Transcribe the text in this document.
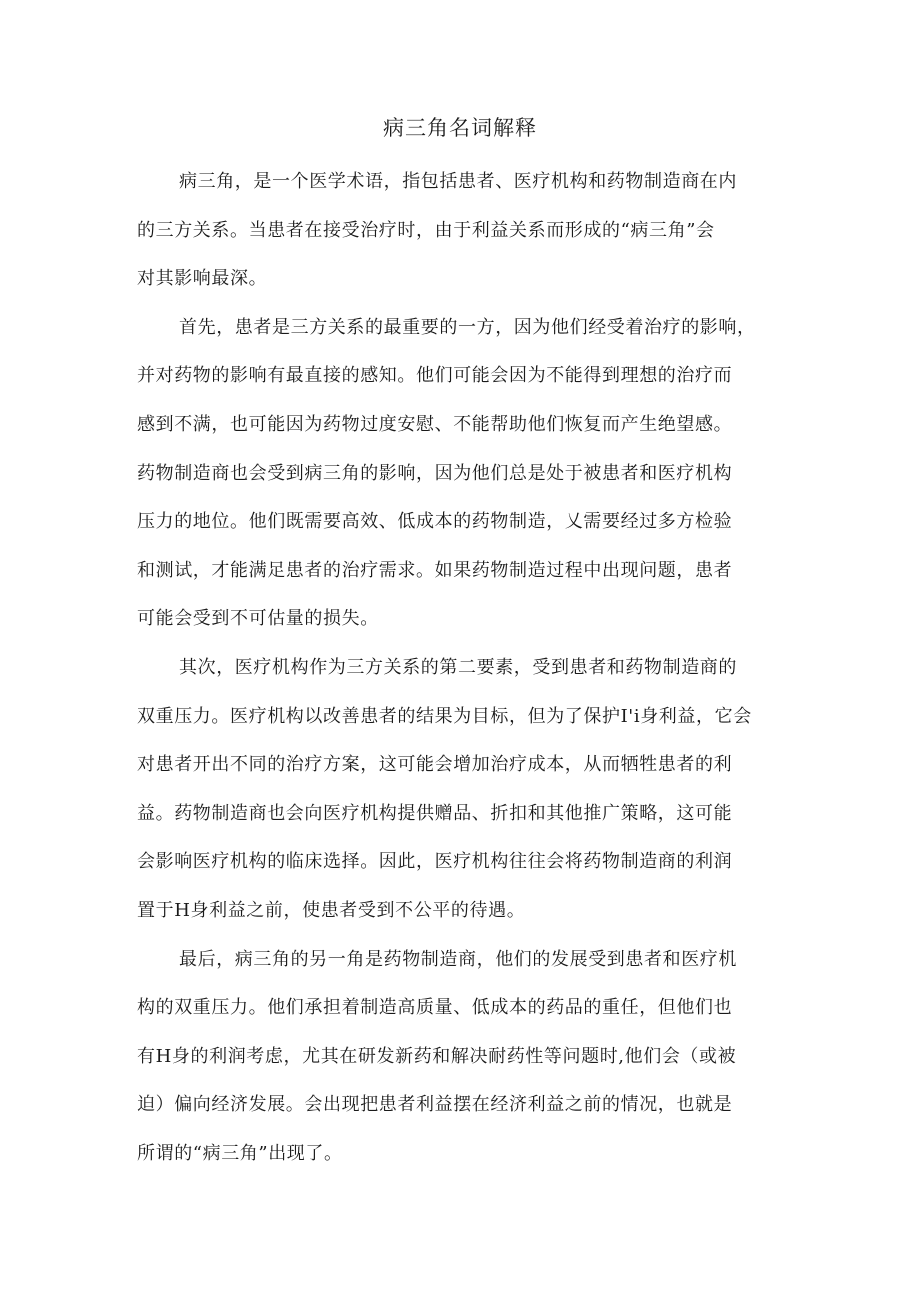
病三角名词解释
病三角，是一个医学术语，指包括患者、医疗机构和药物制造商在内
的三方关系。当患者在接受治疗时，由于利益关系而形成的“病三角”会
对其影响最深。
首先，患者是三方关系的最重要的一方，因为他们经受着治疗的影响，
并对药物的影响有最直接的感知。他们可能会因为不能得到理想的治疗而
感到不满，也可能因为药物过度安慰、不能帮助他们恢复而产生绝望感。
药物制造商也会受到病三角的影响，因为他们总是处于被患者和医疗机构
压力的地位。他们既需要高效、低成本的药物制造，乂需要经过多方检验
和测试，才能满足患者的治疗需求。如果药物制造过程中出现问题，患者
可能会受到不可估量的损失。
其次，医疗机构作为三方关系的第二要素，受到患者和药物制造商的
双重压力。医疗机构以改善患者的结果为目标，但为了保护I'i身利益，它会
对患者开出不同的治疗方案，这可能会增加治疗成本，从而牺牲患者的利
益。药物制造商也会向医疗机构提供赠品、折扣和其他推广策略，这可能
会影响医疗机构的临床选择。因此，医疗机构往往会将药物制造商的利润
置于H身利益之前，使患者受到不公平的待遇。
最后，病三角的另一角是药物制造商，他们的发展受到患者和医疗机
构的双重压力。他们承担着制造高质量、低成本的药品的重任，但他们也
有H身的利润考虑，尤其在研发新药和解决耐药性等问题时,他们会（或被
迫）偏向经济发展。会出现把患者利益摆在经济利益之前的情况，也就是
所谓的“病三角”出现了。
